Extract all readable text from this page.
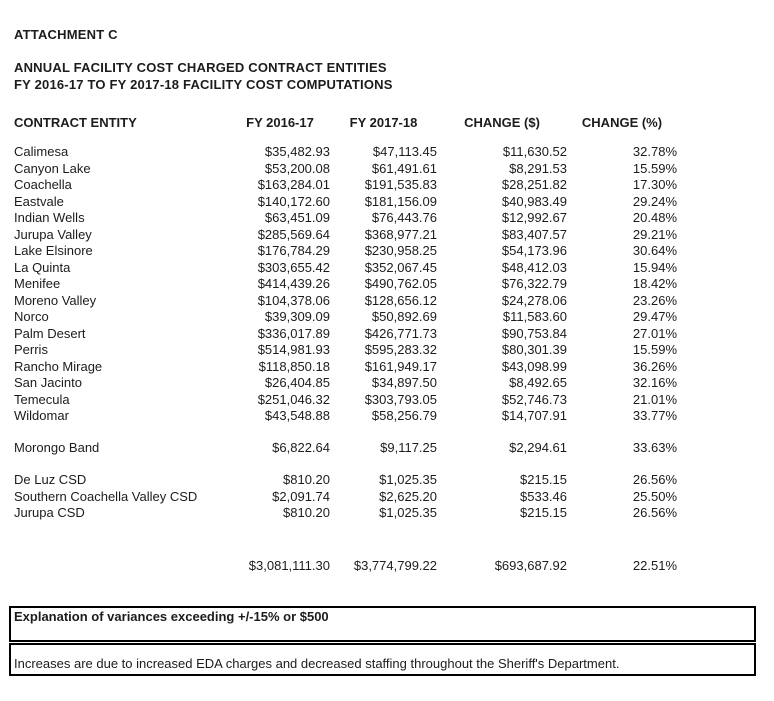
ATTACHMENT C
ANNUAL FACILITY COST CHARGED CONTRACT ENTITIES
FY 2016-17 TO FY 2017-18 FACILITY COST COMPUTATIONS
CONTRACT ENTITY	FY 2016-17	FY 2017-18	CHANGE ($)	CHANGE (%)
Calimesa	$35,482.93	$47,113.45	$11,630.52	32.78%
Canyon Lake	$53,200.08	$61,491.61	$8,291.53	15.59%
Coachella	$163,284.01	$191,535.83	$28,251.82	17.30%
Eastvale	$140,172.60	$181,156.09	$40,983.49	29.24%
Indian Wells	$63,451.09	$76,443.76	$12,992.67	20.48%
Jurupa Valley	$285,569.64	$368,977.21	$83,407.57	29.21%
Lake Elsinore	$176,784.29	$230,958.25	$54,173.96	30.64%
La Quinta	$303,655.42	$352,067.45	$48,412.03	15.94%
Menifee	$414,439.26	$490,762.05	$76,322.79	18.42%
Moreno Valley	$104,378.06	$128,656.12	$24,278.06	23.26%
Norco	$39,309.09	$50,892.69	$11,583.60	29.47%
Palm Desert	$336,017.89	$426,771.73	$90,753.84	27.01%
Perris	$514,981.93	$595,283.32	$80,301.39	15.59%
Rancho Mirage	$118,850.18	$161,949.17	$43,098.99	36.26%
San Jacinto	$26,404.85	$34,897.50	$8,492.65	32.16%
Temecula	$251,046.32	$303,793.05	$52,746.73	21.01%
Wildomar	$43,548.88	$58,256.79	$14,707.91	33.77%

Morongo Band	$6,822.64	$9,117.25	$2,294.61	33.63%

De Luz CSD	$810.20	$1,025.35	$215.15	26.56%
Southern Coachella Valley CSD	$2,091.74	$2,625.20	$533.46	25.50%
Jurupa CSD	$810.20	$1,025.35	$215.15	26.56%

	$3,081,111.30	$3,774,799.22	$693,687.92	22.51%
Explanation of variances exceeding +/-15% or $500
Increases are due to increased EDA charges and decreased staffing throughout the Sheriff's Department.
